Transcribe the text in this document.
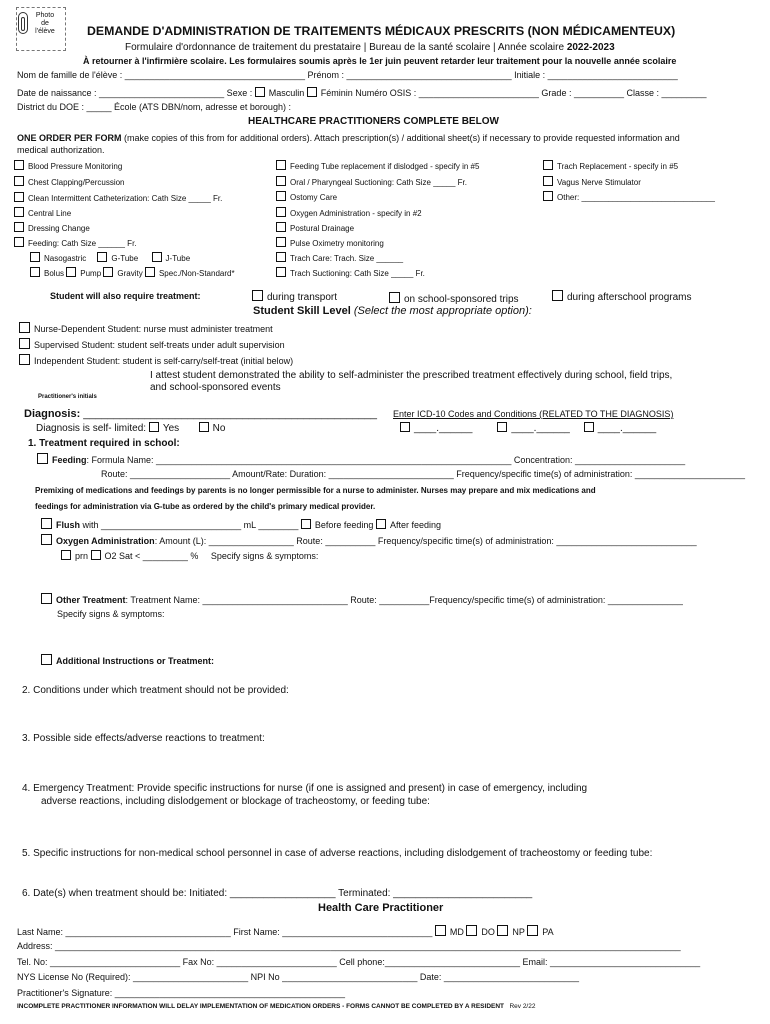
Photo
de
l'élève	DEMANDE D'ADMINISTRATION DE TRAITEMENTS MÉDICAUX PRESCRITS (NON MÉDICAMENTEUX)
Formulaire d'ordonnance de traitement du prestataire | Bureau de la santé scolaire | Année scolaire 2022-2023
À retourner à l'infirmière scolaire. Les formulaires soumis après le 1er juin peuvent retarder leur traitement pour la nouvelle année scolaire
Nom de famille de l'élève : ____________________________________ Prénom : _________________________________ Initiale : __________________________
Date de naissance : _________________________ Sexe : Masculin Féminin Numéro OSIS : ________________________ Grade : __________ Classe : _________
District du DOE : _____ École (ATS DBN/nom, adresse et borough) :
HEALTHCARE PRACTITIONERS COMPLETE BELOW
ONE ORDER PER FORM (make copies of this from for additional orders). Attach prescription(s) / additional sheet(s) if necessary to provide requested information and
medical authorization.
Blood Pressure Monitoring
Chest Clapping/Percussion
Clean Intermittent Catheterization: Cath Size _____ Fr.
Central Line
Dressing Change
Feeding: Cath Size ______ Fr.
Nasogastric	G-Tube	J-Tube
Bolus Pump Gravity Spec./Non-Standard*
Feeding Tube replacement if dislodged - specify in #5
Oral / Pharyngeal Suctioning: Cath Size _____ Fr.
Ostomy Care
Oxygen Administration - specify in #2
Postural Drainage
Pulse Oximetry monitoring
Trach Care: Trach. Size ______
Trach Suctioning: Cath Size _____ Fr.
Trach Replacement - specify in #5
Vagus Nerve Stimulator
Other: ______________________________
Student will also require treatment:	during transport	on school-sponsored trips	during afterschool programs
Student Skill Level (Select the most appropriate option):
Nurse-Dependent Student: nurse must administer treatment
Supervised Student: student self-treats under adult supervision
Independent Student: student is self-carry/self-treat (initial below)
I attest student demonstrated the ability to self-administer the prescribed treatment effectively during school, field trips,
and school-sponsored events
Practitioner's initials
Diagnosis: ________________________________________________ Enter ICD-10 Codes and Conditions (RELATED TO THE DIAGNOSIS)
Diagnosis is self- limited: Yes	No	____.______	____.______	____.______
1. Treatment required in school:
Feeding: Formula Name: _______________________________________________________________________ Concentration: ______________________
Route: ____________________ Amount/Rate: Duration: _________________________ Frequency/specific time(s) of administration: ______________________
Premixing of medications and feedings by parents is no longer permissible for a nurse to administer. Nurses may prepare and mix medications and
feedings for administration via G-tube as ordered by the child's primary medical provider.
Flush with ____________________________ mL ________ Before feeding After feeding
Oxygen Administration: Amount (L): _________________ Route: __________ Frequency/specific time(s) of administration: ____________________________
prn O2 Sat < _________ % Specify signs & symptoms:
Other Treatment: Treatment Name: _____________________________ Route: __________Frequency/specific time(s) of administration: _______________
Specify signs & symptoms:
Additional Instructions or Treatment:
2. Conditions under which treatment should not be provided:
3. Possible side effects/adverse reactions to treatment:
4. Emergency Treatment: Provide specific instructions for nurse (if one is assigned and present) in case of emergency, including
adverse reactions, including dislodgement or blockage of tracheostomy, or feeding tube:
5. Specific instructions for non-medical school personnel in case of adverse reactions, including dislodgement of tracheostomy or feeding tube:
6. Date(s) when treatment should be: Initiated: ___________________ Terminated: _________________________
Health Care Practitioner
Last Name: _________________________________ First Name: ______________________________ MD DO NP PA
Address: _____________________________________________________________________________________________________________________________
Tel. No: __________________________ Fax No: ________________________ Cell phone:___________________________ Email: ______________________________
NYS License No (Required): _______________________ NPI No ___________________________ Date: ___________________________
Practitioner's Signature: ______________________________________________
INCOMPLETE PRACTITIONER INFORMATION WILL DELAY IMPLEMENTATION OF MEDICATION ORDERS - FORMS CANNOT BE COMPLETED BY A RESIDENT Rev 2/22
